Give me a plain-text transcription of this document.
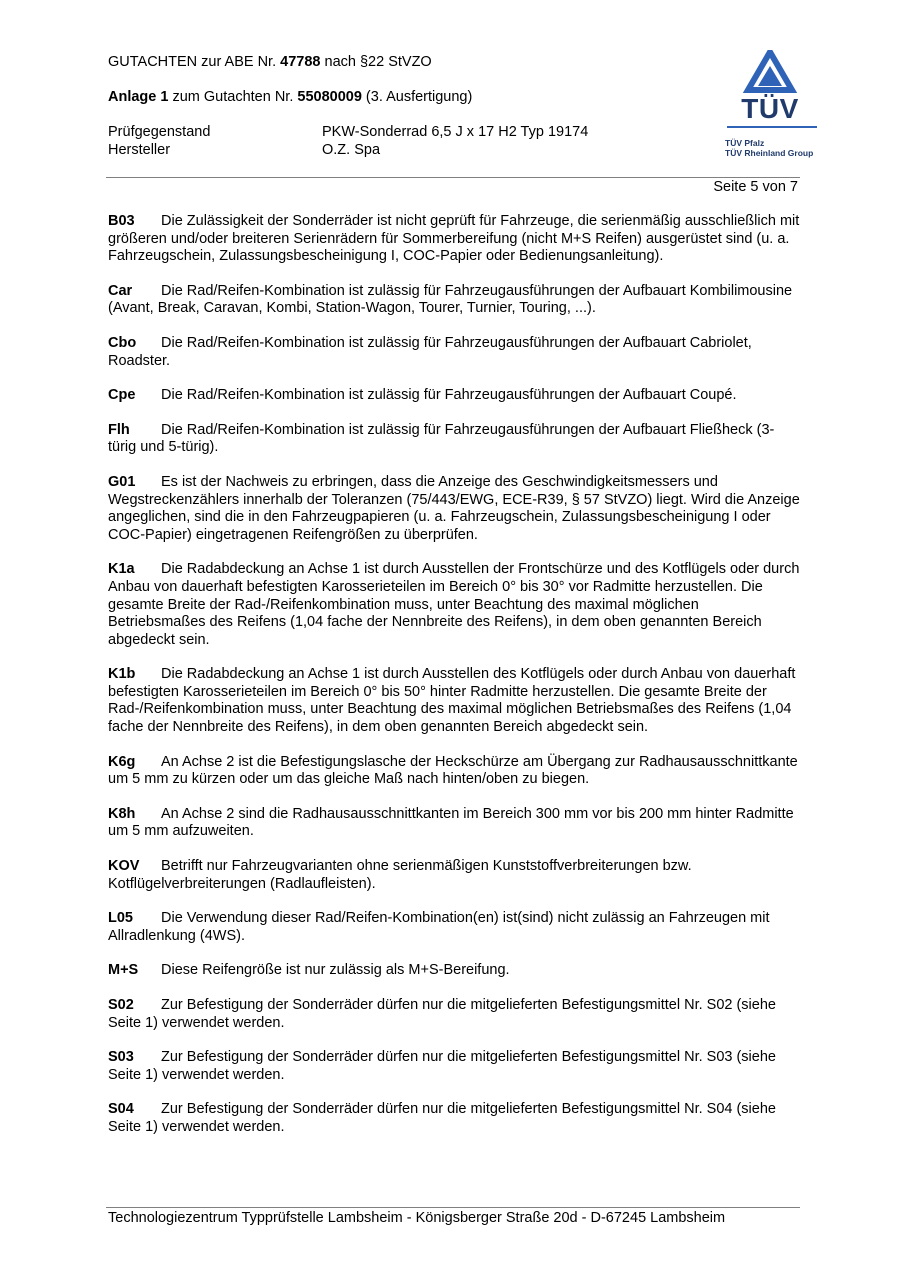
GUTACHTEN zur ABE Nr. 47788 nach §22 StVZO
Anlage 1 zum Gutachten Nr. 55080009 (3. Ausfertigung)
Prüfgegenstand	PKW-Sonderrad 6,5 J x 17 H2 Typ 19174
Hersteller	O.Z. Spa
TÜV
TÜV Pfalz
TÜV Rheinland Group
Seite 5 von 7
B03 Die Zulässigkeit der Sonderräder ist nicht geprüft für Fahrzeuge, die serienmäßig ausschließlich mit größeren und/oder breiteren Serienrädern für Sommerbereifung (nicht M+S Reifen) ausgerüstet sind (u. a. Fahrzeugschein, Zulassungsbescheinigung I, COC-Papier oder Bedienungsanleitung).
Car Die Rad/Reifen-Kombination ist zulässig für Fahrzeugausführungen der Aufbauart Kombilimousine (Avant, Break, Caravan, Kombi, Station-Wagon, Tourer, Turnier, Touring, ...).
Cbo Die Rad/Reifen-Kombination ist zulässig für Fahrzeugausführungen der Aufbauart Cabriolet, Roadster.
Cpe Die Rad/Reifen-Kombination ist zulässig für Fahrzeugausführungen der Aufbauart Coupé.
Flh Die Rad/Reifen-Kombination ist zulässig für Fahrzeugausführungen der Aufbauart Fließheck (3-türig und 5-türig).
G01 Es ist der Nachweis zu erbringen, dass die Anzeige des Geschwindigkeitsmessers und Wegstreckenzählers innerhalb der Toleranzen (75/443/EWG, ECE-R39, § 57 StVZO) liegt. Wird die Anzeige angeglichen, sind die in den Fahrzeugpapieren (u. a. Fahrzeugschein, Zulassungsbescheinigung I oder COC-Papier) eingetragenen Reifengrößen zu überprüfen.
K1a Die Radabdeckung an Achse 1 ist durch Ausstellen der Frontschürze und des Kotflügels oder durch Anbau von dauerhaft befestigten Karosserieteilen im Bereich 0° bis 30° vor Radmitte herzustellen. Die gesamte Breite der Rad-/Reifenkombination muss, unter Beachtung des maximal möglichen Betriebsmaßes des Reifens (1,04 fache der Nennbreite des Reifens), in dem oben genannten Bereich abgedeckt sein.
K1b Die Radabdeckung an Achse 1 ist durch Ausstellen des Kotflügels oder durch Anbau von dauerhaft befestigten Karosserieteilen im Bereich 0° bis 50° hinter Radmitte herzustellen. Die gesamte Breite der Rad-/Reifenkombination muss, unter Beachtung des maximal möglichen Betriebsmaßes des Reifens (1,04 fache der Nennbreite des Reifens), in dem oben genannten Bereich abgedeckt sein.
K6g An Achse 2 ist die Befestigungslasche der Heckschürze am Übergang zur Radhausausschnittkante um 5 mm zu kürzen oder um das gleiche Maß nach hinten/oben zu biegen.
K8h An Achse 2 sind die Radhausausschnittkanten im Bereich 300 mm vor bis 200 mm hinter Radmitte um 5 mm aufzuweiten.
KOV Betrifft nur Fahrzeugvarianten ohne serienmäßigen Kunststoffverbreiterungen bzw. Kotflügelverbreiterungen (Radlaufleisten).
L05 Die Verwendung dieser Rad/Reifen-Kombination(en) ist(sind) nicht zulässig an Fahrzeugen mit Allradlenkung (4WS).
M+S Diese Reifengröße ist nur zulässig als M+S-Bereifung.
S02 Zur Befestigung der Sonderräder dürfen nur die mitgelieferten Befestigungsmittel Nr. S02 (siehe Seite 1) verwendet werden.
S03 Zur Befestigung der Sonderräder dürfen nur die mitgelieferten Befestigungsmittel Nr. S03 (siehe Seite 1) verwendet werden.
S04 Zur Befestigung der Sonderräder dürfen nur die mitgelieferten Befestigungsmittel Nr. S04 (siehe Seite 1) verwendet werden.
Technologiezentrum Typprüfstelle Lambsheim - Königsberger Straße 20d - D-67245 Lambsheim
